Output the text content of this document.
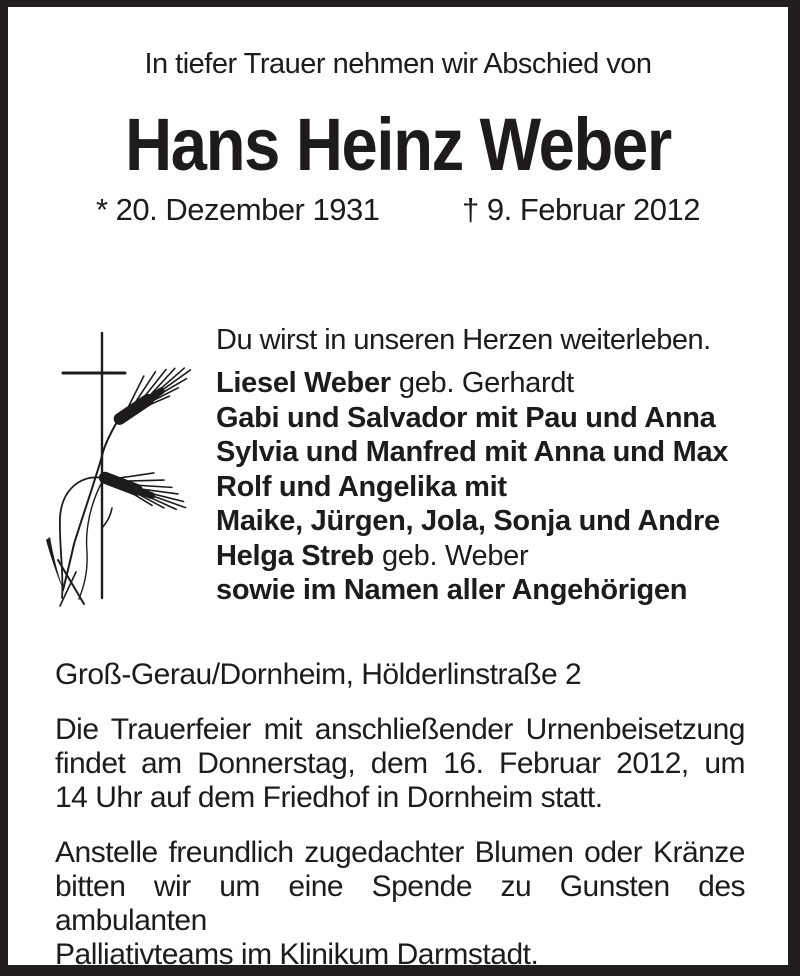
In tiefer Trauer nehmen wir Abschied von
Hans Heinz Weber
* 20. Dezember 1931	† 9. Februar 2012
Du wirst in unseren Herzen weiterleben.
Liesel Weber geb. Gerhardt
Gabi und Salvador mit Pau und Anna
Sylvia und Manfred mit Anna und Max
Rolf und Angelika mit
Maike, Jürgen, Jola, Sonja und Andre
Helga Streb geb. Weber
sowie im Namen aller Angehörigen
Groß-Gerau/Dornheim, Hölderlinstraße 2
Die Trauerfeier mit anschließender Urnenbeisetzung
findet am Donnerstag, dem 16. Februar 2012, um
14 Uhr auf dem Friedhof in Dornheim statt.
Anstelle freundlich zugedachter Blumen oder Kränze
bitten wir um eine Spende zu Gunsten des ambulanten
Palliativteams im Klinikum Darmstadt.
